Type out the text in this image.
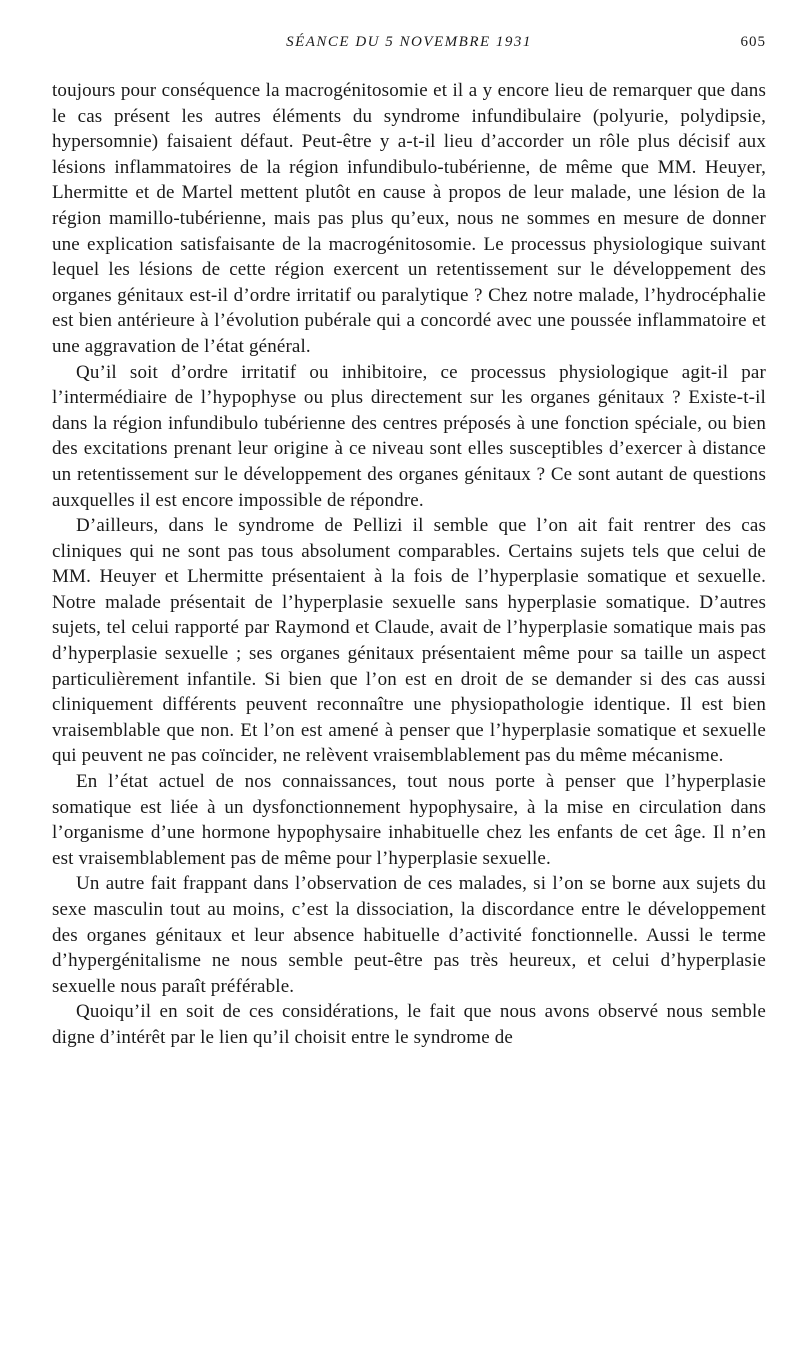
SÉANCE DU 5 NOVEMBRE 1931	605

toujours pour conséquence la macrogénitosomie et il a y encore lieu de remarquer que dans le cas présent les autres éléments du syndrome infundibulaire (polyurie, polydipsie, hypersomnie) faisaient défaut. Peut-être y a-t-il lieu d’accorder un rôle plus décisif aux lésions inflammatoires de la région infundibulo-tubérienne, de même que MM. Heuyer, Lhermitte et de Martel mettent plutôt en cause à propos de leur malade, une lésion de la région mamillo-tubérienne, mais pas plus qu’eux, nous ne sommes en mesure de donner une explication satisfaisante de la macrogénitosomie. Le processus physiologique suivant lequel les lésions de cette région exercent un retentissement sur le développement des organes génitaux est-il d’ordre irritatif ou paralytique ? Chez notre malade, l’hydrocéphalie est bien antérieure à l’évolution pubérale qui a concordé avec une poussée inflammatoire et une aggravation de l’état général.

Qu’il soit d’ordre irritatif ou inhibitoire, ce processus physiologique agit-il par l’intermédiaire de l’hypophyse ou plus directement sur les organes génitaux ? Existe-t-il dans la région infundibulo tubérienne des centres préposés à une fonction spéciale, ou bien des excitations prenant leur origine à ce niveau sont elles susceptibles d’exercer à distance un retentissement sur le développement des organes génitaux ? Ce sont autant de questions auxquelles il est encore impossible de répondre.

D’ailleurs, dans le syndrome de Pellizi il semble que l’on ait fait rentrer des cas cliniques qui ne sont pas tous absolument comparables. Certains sujets tels que celui de MM. Heuyer et Lhermitte présentaient à la fois de l’hyperplasie somatique et sexuelle. Notre malade présentait de l’hyperplasie sexuelle sans hyperplasie somatique. D’autres sujets, tel celui rapporté par Raymond et Claude, avait de l’hyperplasie somatique mais pas d’hyperplasie sexuelle ; ses organes génitaux présentaient même pour sa taille un aspect particulièrement infantile. Si bien que l’on est en droit de se demander si des cas aussi cliniquement différents peuvent reconnaître une physiopathologie identique. Il est bien vraisemblable que non. Et l’on est amené à penser que l’hyperplasie somatique et sexuelle qui peuvent ne pas coïncider, ne relèvent vraisemblablement pas du même mécanisme.

En l’état actuel de nos connaissances, tout nous porte à penser que l’hyperplasie somatique est liée à un dysfonctionnement hypophysaire, à la mise en circulation dans l’organisme d’une hormone hypophysaire inhabituelle chez les enfants de cet âge. Il n’en est vraisemblablement pas de même pour l’hyperplasie sexuelle.

Un autre fait frappant dans l’observation de ces malades, si l’on se borne aux sujets du sexe masculin tout au moins, c’est la dissociation, la discordance entre le développement des organes génitaux et leur absence habituelle d’activité fonctionnelle. Aussi le terme d’hypergénitalisme ne nous semble peut-être pas très heureux, et celui d’hyperplasie sexuelle nous paraît préférable.

Quoiqu’il en soit de ces considérations, le fait que nous avons observé nous semble digne d’intérêt par le lien qu’il choisit entre le syndrome de
